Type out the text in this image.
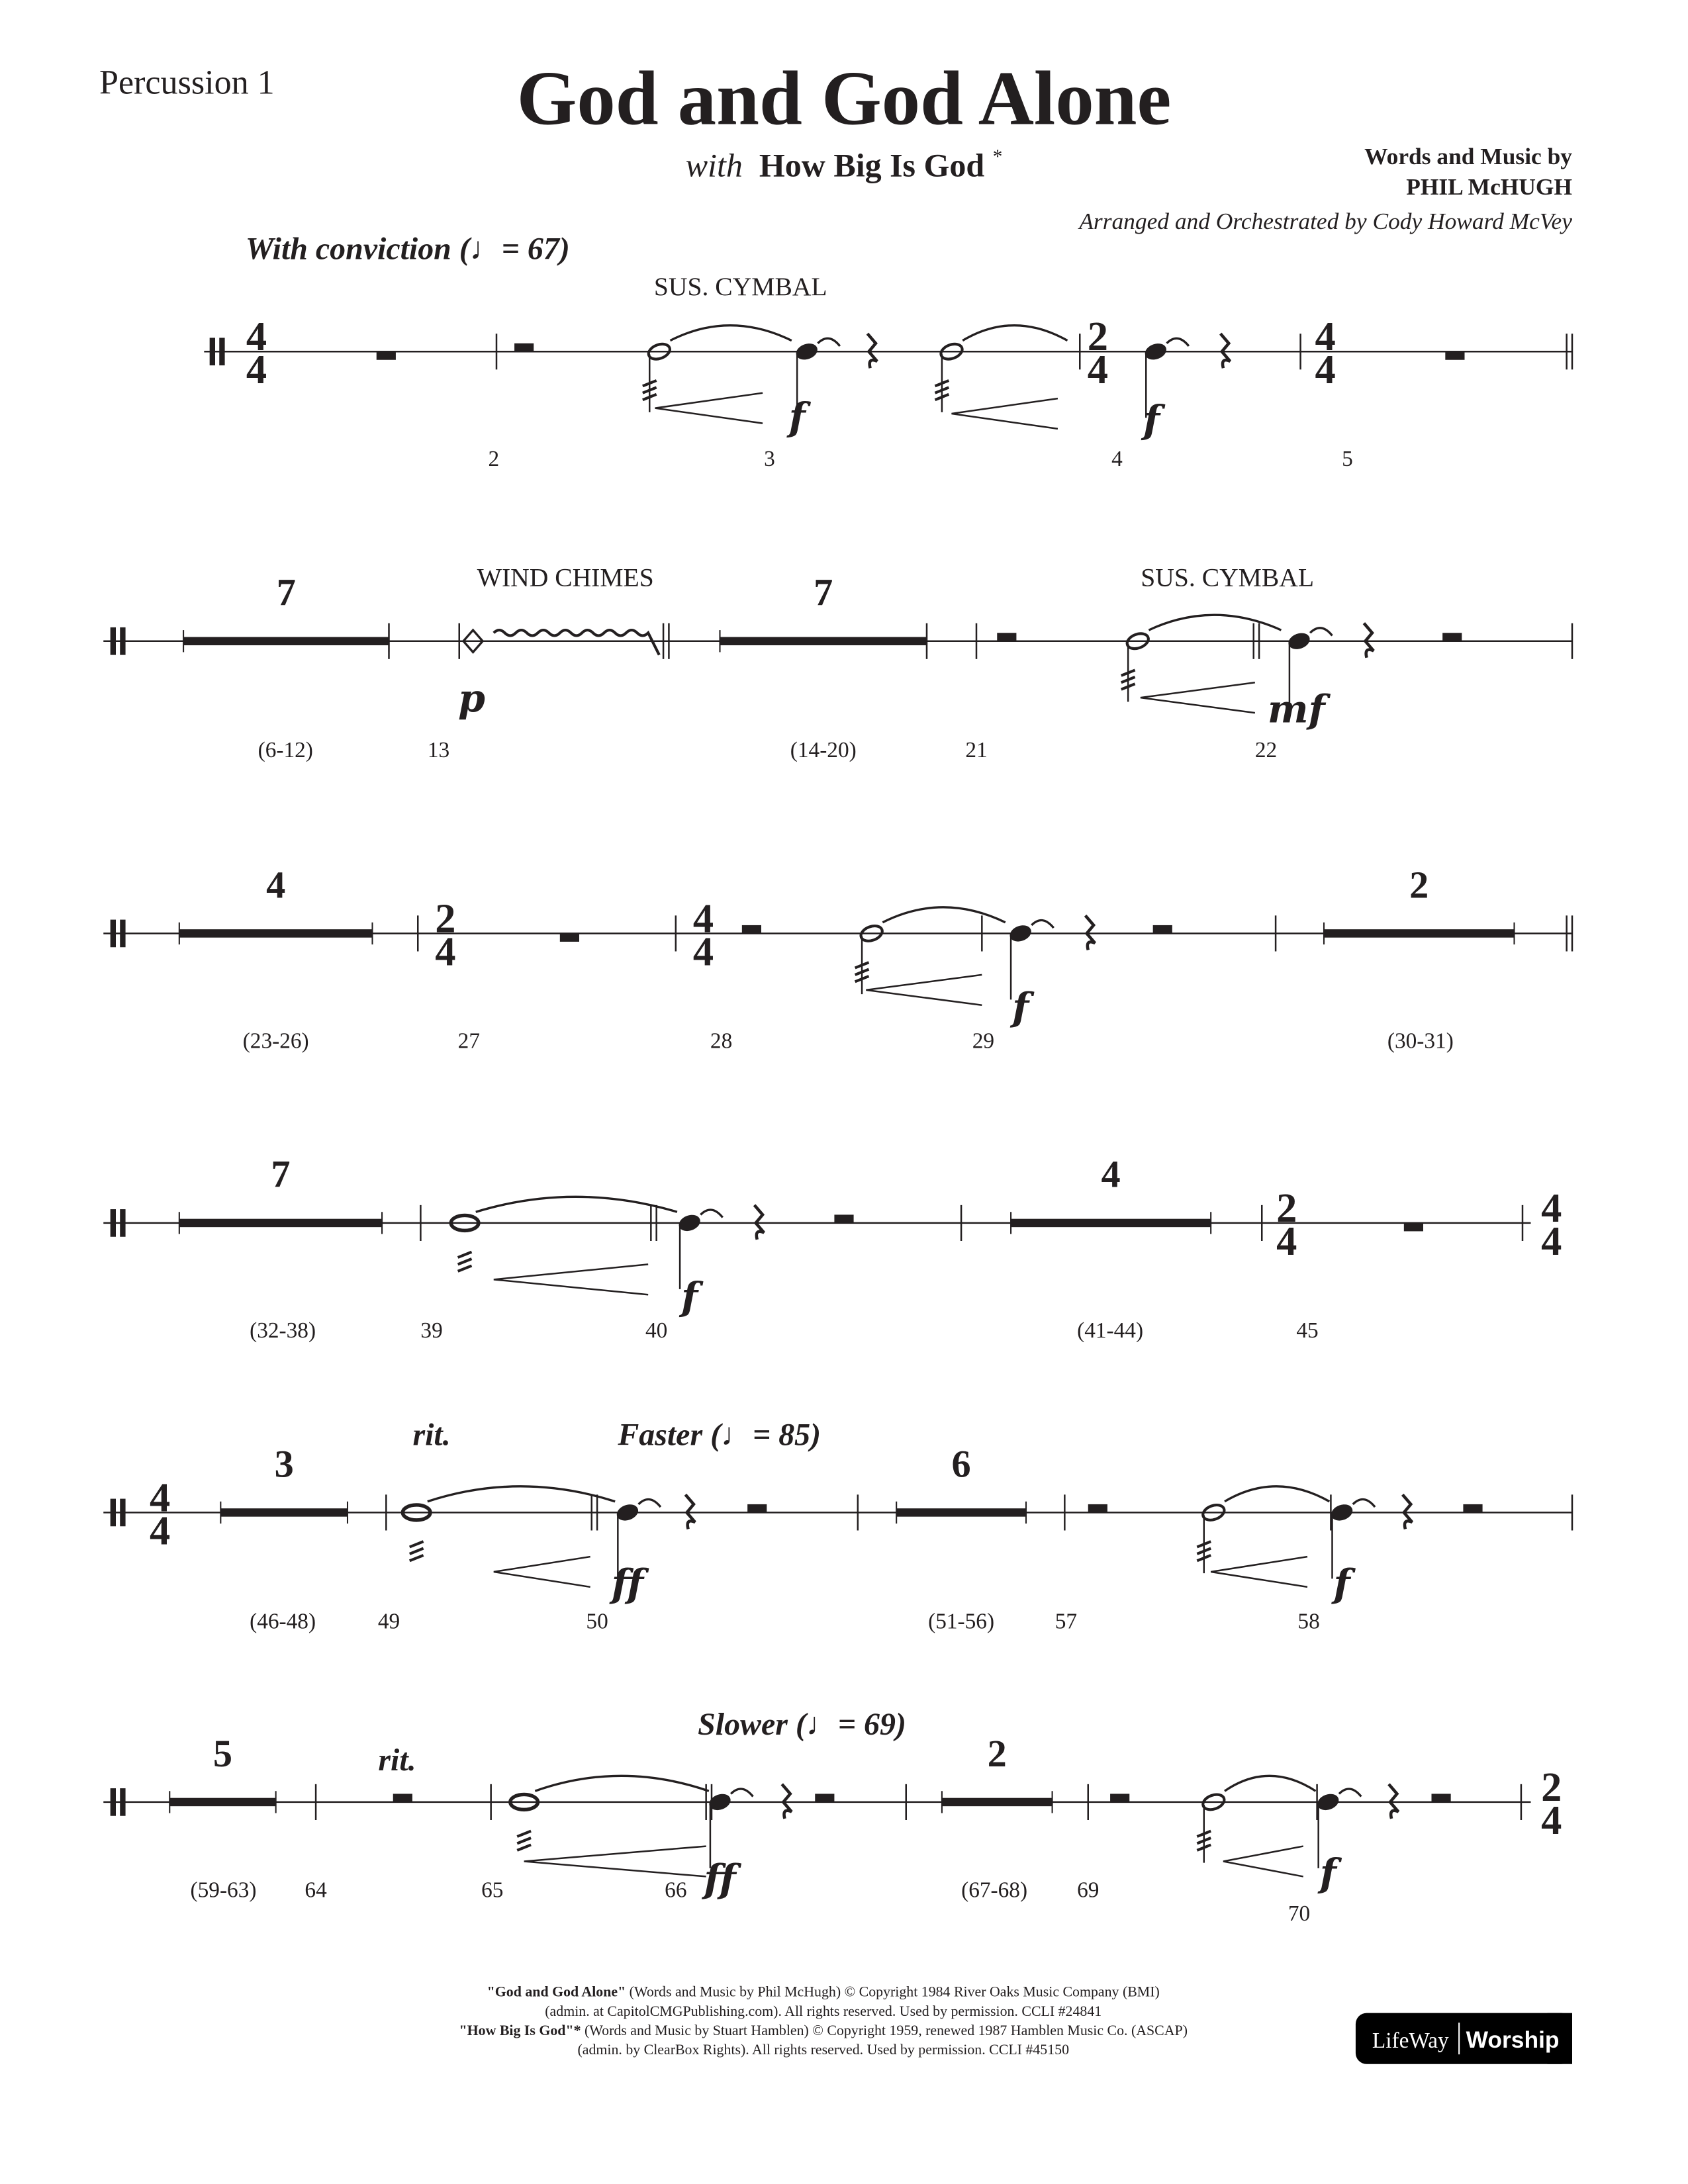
Percussion 1	God and God Alone
with How Big Is God *	Words and Music by
PHIL McHUGH
Arranged and Orchestrated by Cody Howard McVey
4
4
With conviction (♩= 67)
SUS. CYMBAL
2
4
4
4
f	f
2	3	4	5
7	WIND CHIMES
p
7	SUS. CYMBAL
mf
(6-12)	13	(14-20)	21	22
4
2
4
4
4
2
f
(23-26)	27	28	29	(30-31)
7	4
2
4
4
4
f
(32-38)	39	40	(41-44)	45
4
4
rit.	Faster (♩= 85)
3	6
ff	f
(46-48)	49	50	(51-56)	57	58
5	rit.
Slower (♩= 69)
2
2
4
ff	f
(59-63)	64	65	66	(67-68)	69
70
"God and God Alone" (Words and Music by Phil McHugh) © Copyright 1984 River Oaks Music Company (BMI)
(admin. at CapitolCMGPublishing.com). All rights reserved. Used by permission. CCLI #24841
"How Big Is God"* (Words and Music by Stuart Hamblen) © Copyright 1959, renewed 1987 Hamblen Music Co. (ASCAP)
(admin. by ClearBox Rights). All rights reserved. Used by permission. CCLI #45150	LifeWay Worship
